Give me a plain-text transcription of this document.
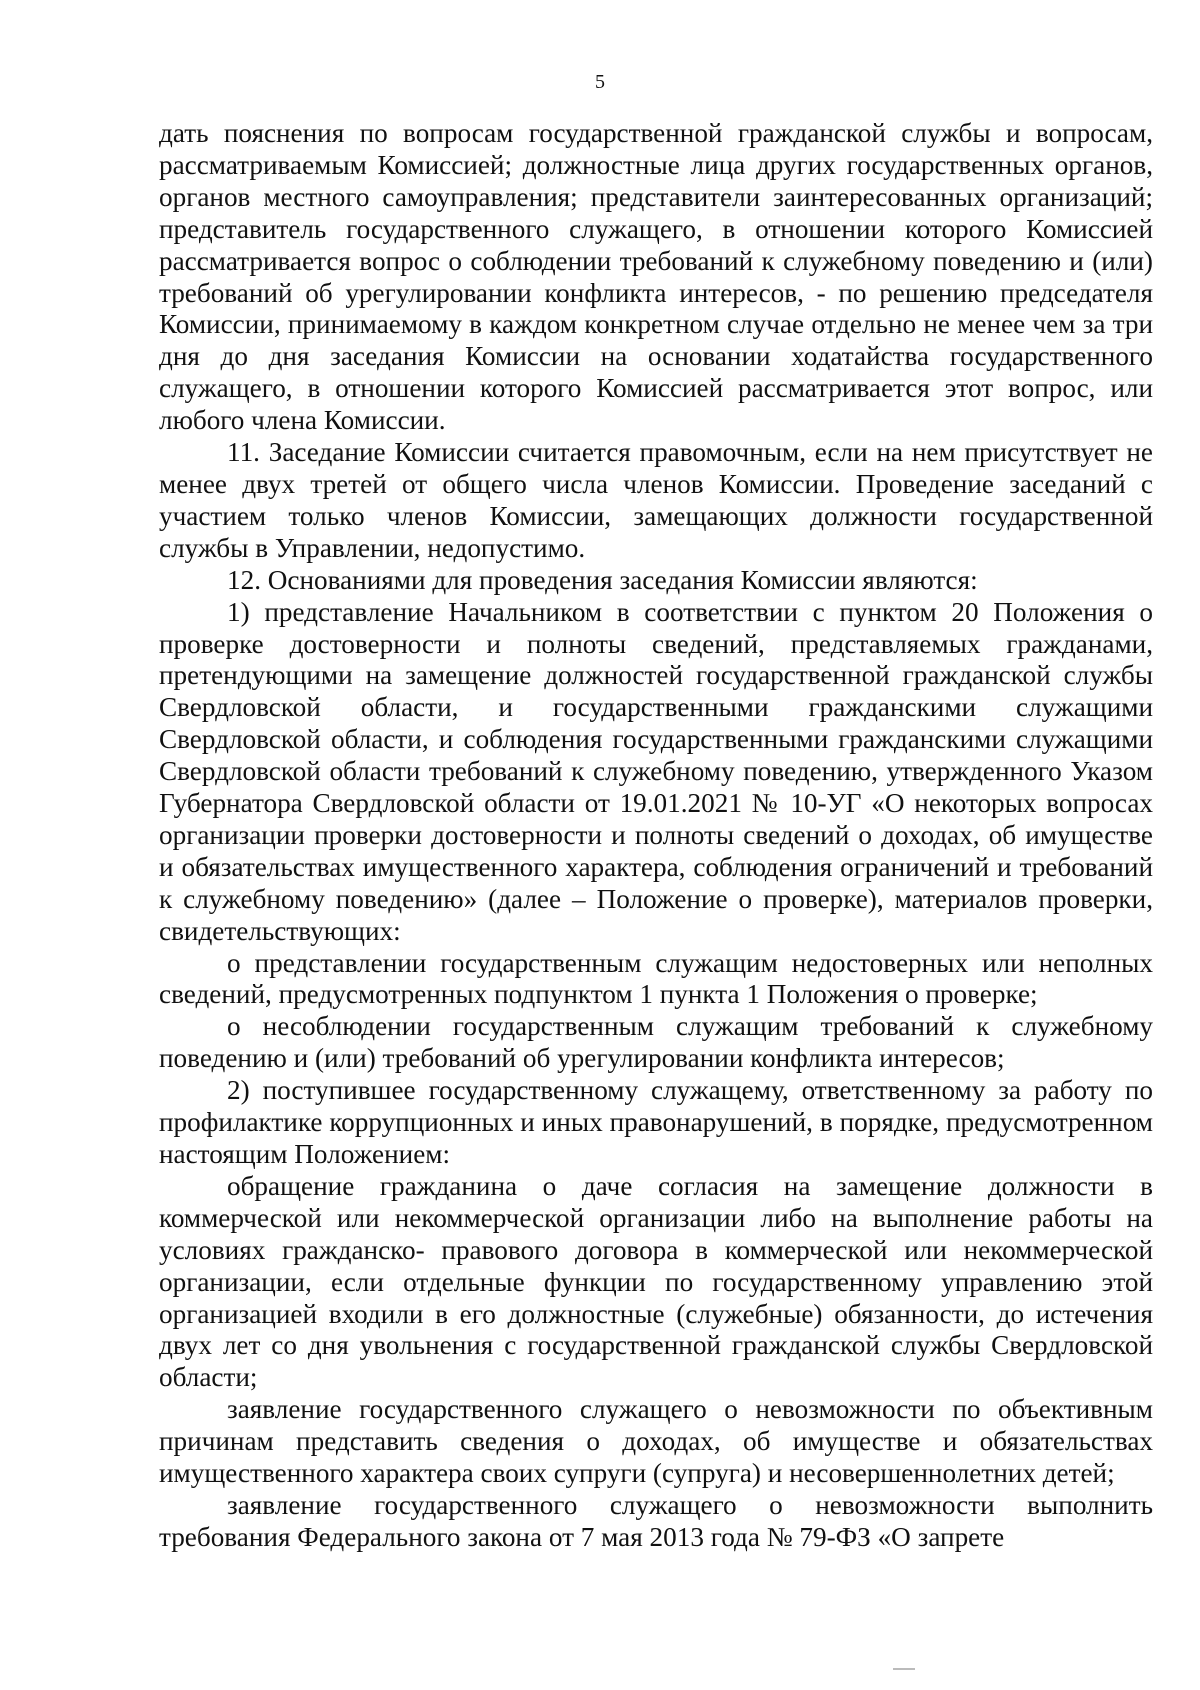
5

дать пояснения по вопросам государственной гражданской службы и вопросам, рассматриваемым Комиссией; должностные лица других государственных органов, органов местного самоуправления; представители заинтересованных организаций; представитель государственного служащего, в отношении которого Комиссией рассматривается вопрос о соблюдении требований к служебному поведению и (или) требований об урегулировании конфликта интересов, - по решению председателя Комиссии, принимаемому в каждом конкретном случае отдельно не менее чем за три дня до дня заседания Комиссии на основании ходатайства государственного служащего, в отношении которого Комиссией рассматривается этот вопрос, или любого члена Комиссии.

11. Заседание Комиссии считается правомочным, если на нем присутствует не менее двух третей от общего числа членов Комиссии. Проведение заседаний с участием только членов Комиссии, замещающих должности государственной службы в Управлении, недопустимо.

12. Основаниями для проведения заседания Комиссии являются:

1) представление Начальником в соответствии с пунктом 20 Положения о проверке достоверности и полноты сведений, представляемых гражданами, претендующими на замещение должностей государственной гражданской службы Свердловской области, и государственными гражданскими служащими Свердловской области, и соблюдения государственными гражданскими служащими Свердловской области требований к служебному поведению, утвержденного Указом Губернатора Свердловской области от 19.01.2021 № 10-УГ «О некоторых вопросах организации проверки достоверности и полноты сведений о доходах, об имуществе и обязательствах имущественного характера, соблюдения ограничений и требований к служебному поведению» (далее – Положение о проверке), материалов проверки, свидетельствующих:

о представлении государственным служащим недостоверных или неполных сведений, предусмотренных подпунктом 1 пункта 1 Положения о проверке;

о несоблюдении государственным служащим требований к служебному поведению и (или) требований об урегулировании конфликта интересов;

2) поступившее государственному служащему, ответственному за работу по профилактике коррупционных и иных правонарушений, в порядке, предусмотренном настоящим Положением:

обращение гражданина о даче согласия на замещение должности в коммерческой или некоммерческой организации либо на выполнение работы на условиях гражданско- правового договора в коммерческой или некоммерческой организации, если отдельные функции по государственному управлению этой организацией входили в его должностные (служебные) обязанности, до истечения двух лет со дня увольнения с государственной гражданской службы Свердловской области;

заявление государственного служащего о невозможности по объективным причинам представить сведения о доходах, об имуществе и обязательствах имущественного характера своих супруги (супруга) и несовершеннолетних детей;

заявление государственного служащего о невозможности выполнить требования Федерального закона от 7 мая 2013 года № 79-ФЗ «О запрете
